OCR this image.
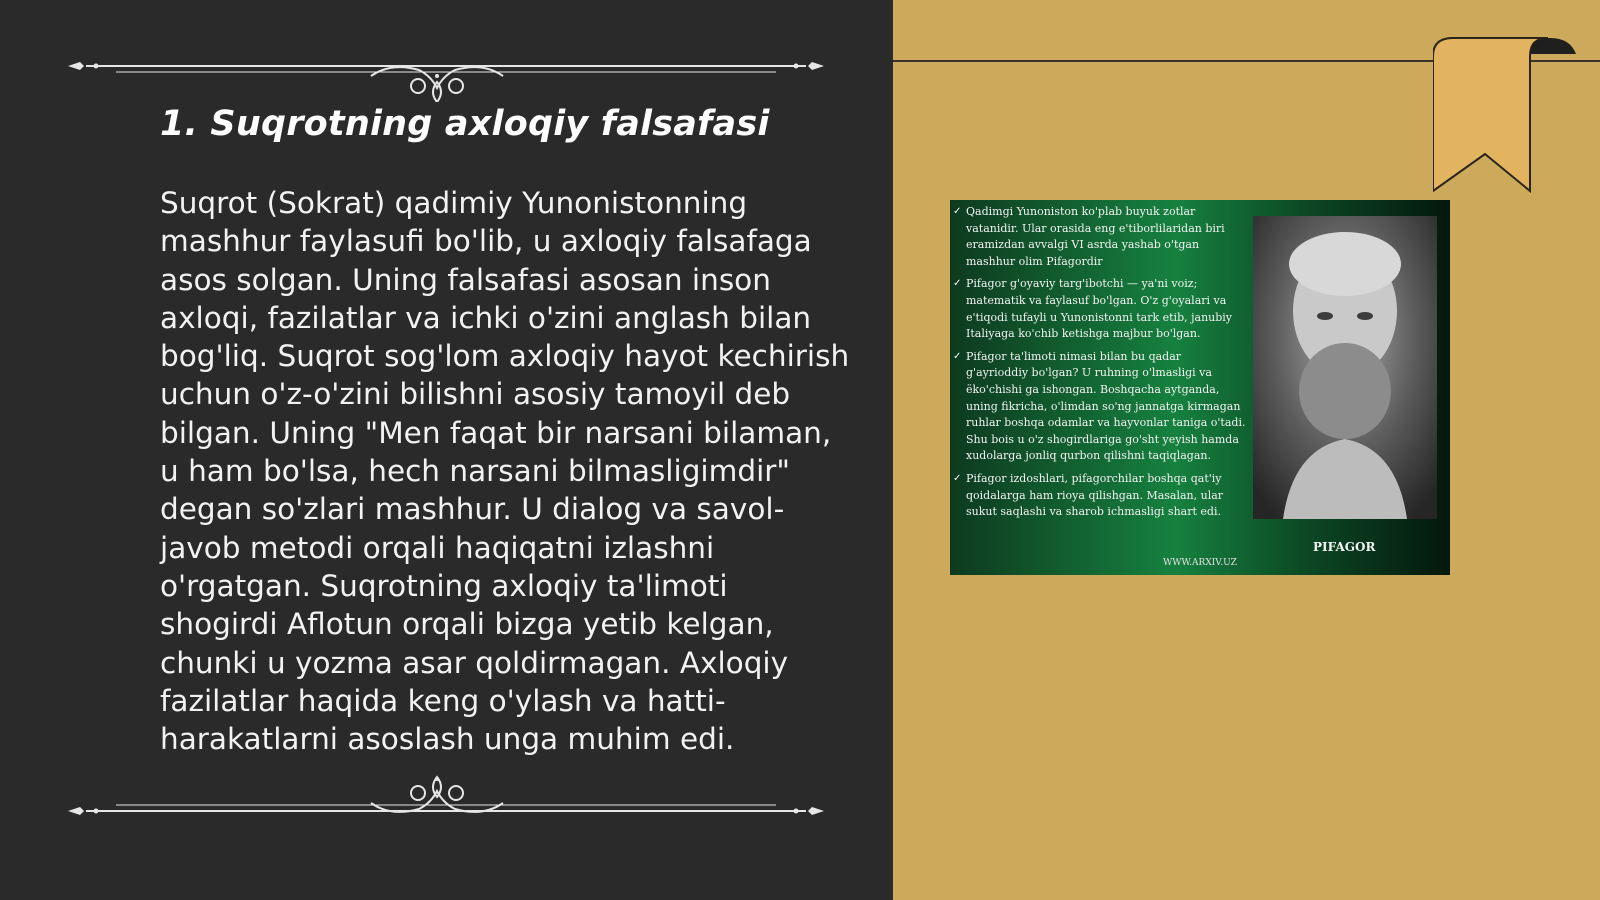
1. Suqrotning axloqiy falsafasi

Suqrot (Sokrat) qadimiy Yunonistonning mashhur faylasufi bo'lib, u axloqiy falsafaga asos solgan. Uning falsafasi asosan inson axloqi, fazilatlar va ichki o'zini anglash bilan bog'liq. Suqrot sog'lom axloqiy hayot kechirish uchun o'z-o'zini bilishni asosiy tamoyil deb bilgan. Uning "Men faqat bir narsani bilaman, u ham bo'lsa, hech narsani bilmasligimdir" degan so'zlari mashhur. U dialog va savol-javob metodi orqali haqiqatni izlashni o'rgatgan. Suqrotning axloqiy ta'limoti shogirdi Aflotun orqali bizga yetib kelgan, chunki u yozma asar qoldirmagan. Axloqiy fazilatlar haqida keng o'ylash va hatti-harakatlarni asoslash unga muhim edi.

✓ Qadimgi Yunoniston ko'plab buyuk zotlar vatanidir. Ular orasida eng e'tiborlilaridan biri eramizdan avvalgi VI asrda yashab o'tgan mashhur olim Pifagordir
✓ Pifagor g'oyaviy targ'ibotchi — ya'ni voiz; matematik va faylasuf bo'lgan. O'z g'oyalari va e'tiqodi tufayli u Yunonistonni tark etib, janubiy Italiyaga ko'chib ketishga majbur bo'lgan.
✓ Pifagor ta'limoti nimasi bilan bu qadar g'ayrioddiy bo'lgan? U ruhning o'lmasligi va ёko'chishi ga ishongan. Boshqacha aytganda, uning fikricha, o'limdan so'ng jannatga kirmagan ruhlar boshqa odamlar va hayvonlar taniga o'tadi. Shu bois u o'z shogirdlariga go'sht yeyish hamda xudolarga jonliq qurbon qilishni taqiqlagan.
✓ Pifagor izdoshlari, pifagorchilar boshqa qat'iy qoidalarga ham rioya qilishgan. Masalan, ular sukut saqlashi va sharob ichmasligi shart edi.
PIFAGOR
WWW.ARXIV.UZ
